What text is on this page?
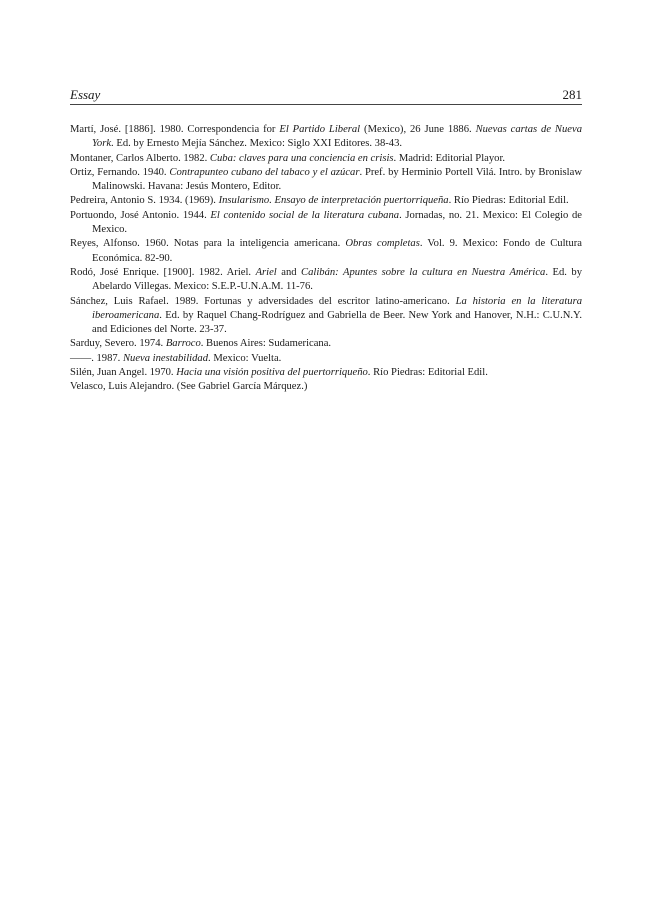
Essay	281
Martí, José. [1886]. 1980. Correspondencia for El Partido Liberal (Mexico), 26 June 1886. Nuevas cartas de Nueva York. Ed. by Ernesto Mejía Sánchez. Mexico: Siglo XXI Editores. 38-43.
Montaner, Carlos Alberto. 1982. Cuba: claves para una conciencia en crisis. Madrid: Editorial Playor.
Ortiz, Fernando. 1940. Contrapunteo cubano del tabaco y el azúcar. Pref. by Herminio Portell Vilá. Intro. by Bronislaw Malinowski. Havana: Jesús Montero, Editor.
Pedreira, Antonio S. 1934. (1969). Insularismo. Ensayo de interpretación puertorriqueña. Río Piedras: Editorial Edil.
Portuondo, José Antonio. 1944. El contenido social de la literatura cubana. Jornadas, no. 21. Mexico: El Colegio de Mexico.
Reyes, Alfonso. 1960. Notas para la inteligencia americana. Obras completas. Vol. 9. Mexico: Fondo de Cultura Económica. 82-90.
Rodó, José Enrique. [1900]. 1982. Ariel. Ariel and Calibán: Apuntes sobre la cultura en Nuestra América. Ed. by Abelardo Villegas. Mexico: S.E.P.-U.N.A.M. 11-76.
Sánchez, Luis Rafael. 1989. Fortunas y adversidades del escritor latino-americano. La historia en la literatura iberoamericana. Ed. by Raquel Chang-Rodríguez and Gabriella de Beer. New York and Hanover, N.H.: C.U.N.Y. and Ediciones del Norte. 23-37.
Sarduy, Severo. 1974. Barroco. Buenos Aires: Sudamericana.
——. 1987. Nueva inestabilidad. Mexico: Vuelta.
Silén, Juan Angel. 1970. Hacia una visión positiva del puertorriqueño. Río Piedras: Editorial Edil.
Velasco, Luis Alejandro. (See Gabriel García Márquez.)
